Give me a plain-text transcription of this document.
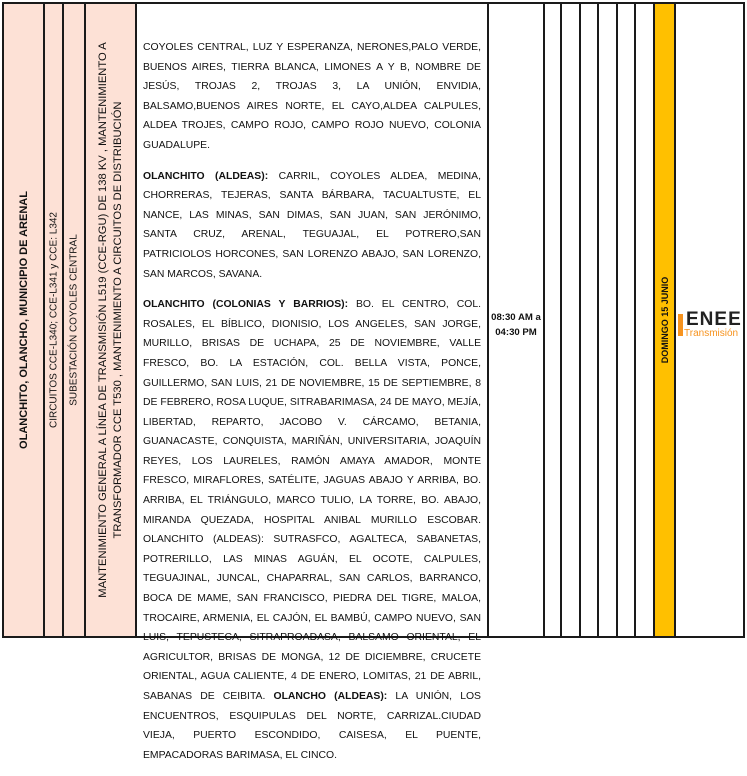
OLANCHITO, OLANCHO, MUNICIPIO DE ARENAL CIRCUITOS CCE-L340; CCE-L341 y CCE: L342 SUBESTACIÓN COYOLES CENTRAL MANTENIMIENTO GENERAL A LÍNEA DE TRANSMISIÓN L519 (CCE-RGU) DE 138 KV , MANTENIMIENTO A TRANSFORMADOR CCE T530 , MANTENIMIENTO A CIRCUITOS DE DISTRIBUCIÓN

COYOLES CENTRAL, LUZ Y ESPERANZA, NERONES,PALO VERDE, BUENOS AIRES, TIERRA BLANCA, LIMONES A Y B, NOMBRE DE JESÚS, TROJAS 2, TROJAS 3, LA UNIÓN, ENVIDIA, BALSAMO,BUENOS AIRES NORTE, EL CAYO,ALDEA CALPULES, ALDEA TROJES, CAMPO ROJO, CAMPO ROJO NUEVO, COLONIA GUADALUPE.

OLANCHITO (ALDEAS): CARRIL, COYOLES ALDEA, MEDINA, CHORRERAS, TEJERAS, SANTA BÁRBARA, TACUALTUSTE, EL NANCE, LAS MINAS, SAN DIMAS, SAN JUAN, SAN JERÓNIMO, SANTA CRUZ, ARENAL, TEGUAJAL, EL POTRERO,SAN PATRICIOLOS HORCONES, SAN LORENZO ABAJO, SAN LORENZO, SAN MARCOS, SAVANA.

OLANCHITO (COLONIAS Y BARRIOS): BO. EL CENTRO, COL. ROSALES, EL BÍBLICO, DIONISIO, LOS ANGELES, SAN JORGE, MURILLO, BRISAS DE UCHAPA, 25 DE NOVIEMBRE, VALLE FRESCO, BO. LA ESTACIÓN, COL. BELLA VISTA, PONCE, GUILLERMO, SAN LUIS, 21 DE NOVIEMBRE, 15 DE SEPTIEMBRE, 8 DE FEBRERO, ROSA LUQUE, SITRABARIMASA, 24 DE MAYO, MEJÍA, LIBERTAD, REPARTO, JACOBO V. CÁRCAMO, BETANIA, GUANACASTE, CONQUISTA, MARIÑÁN, UNIVERSITARIA, JOAQUÍN REYES, LOS LAURELES, RAMÓN AMAYA AMADOR, MONTE FRESCO, MIRAFLORES, SATÉLITE, JAGUAS ABAJO Y ARRIBA, BO. ARRIBA, EL TRIÁNGULO, MARCO TULIO, LA TORRE, BO. ABAJO, MIRANDA QUEZADA, HOSPITAL ANIBAL MURILLO ESCOBAR. OLANCHITO (ALDEAS): SUTRASFCO, AGALTECA, SABANETAS, POTRERILLO, LAS MINAS AGUÁN, EL OCOTE, CALPULES, TEGUAJINAL, JUNCAL, CHAPARRAL, SAN CARLOS, BARRANCO, BOCA DE MAME, SAN FRANCISCO, PIEDRA DEL TIGRE, MALOA, TROCAIRE, ARMENIA, EL CAJÓN, EL BAMBÚ, CAMPO NUEVO, SAN LUIS, TEPUSTECA, SITRAPROADASA, BALSAMO ORIENTAL, EL AGRICULTOR, BRISAS DE MONGA, 12 DE DICIEMBRE, CRUCETE ORIENTAL, AGUA CALIENTE, 4 DE ENERO, LOMITAS, 21 DE ABRIL, SABANAS DE CEIBITA. OLANCHO (ALDEAS): LA UNIÓN, LOS ENCUENTROS, ESQUIPULAS DEL NORTE, CARRIZAL.CIUDAD VIEJA, PUERTO ESCONDIDO, CAISESA, EL PUENTE, EMPACADORAS BARIMASA, EL CINCO.

08:30 AM a
04:30 PM	DOMINGO 15 JUNIO ENEE
Transmisión
